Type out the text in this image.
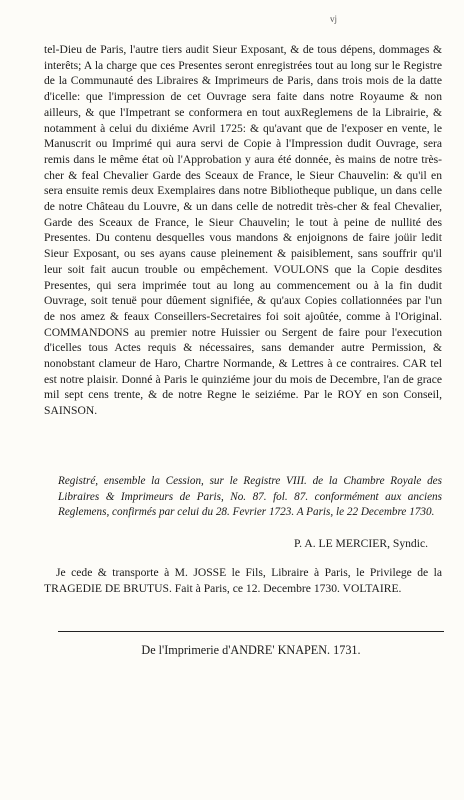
vj

tel-Dieu de Paris, l'autre tiers audit Sieur Exposant, & de tous dépens, dommages & interêts; A la charge que ces Presentes seront enregistrées tout au long sur le Registre de la Communauté des Libraires & Imprimeurs de Paris, dans trois mois de la datte d'icelle: que l'impression de cet Ouvrage sera faite dans notre Royaume & non ailleurs, & que l'Impetrant se conformera en tout auxReglemens de la Librairie, & notamment à celui du dixiéme Avril 1725: & qu'avant que de l'exposer en vente, le Manuscrit ou Imprimé qui aura servi de Copie à l'Impression dudit Ouvrage, sera remis dans le même état où l'Approbation y aura été donnée, ès mains de notre très-cher & feal Chevalier Garde des Sceaux de France, le Sieur Chauvelin: & qu'il en sera ensuite remis deux Exemplaires dans notre Bibliotheque publique, un dans celle de notre Château du Louvre, & un dans celle de notredit très-cher & feal Chevalier, Garde des Sceaux de France, le Sieur Chauvelin; le tout à peine de nullité des Presentes. Du contenu desquelles vous mandons & enjoignons de faire joüir ledit Sieur Exposant, ou ses ayans cause pleinement & paisiblement, sans souffrir qu'il leur soit fait aucun trouble ou empêchement. VOULONS que la Copie desdites Presentes, qui sera imprimée tout au long au commencement ou à la fin dudit Ouvrage, soit tenuë pour dûement signifiée, & qu'aux Copies collationnées par l'un de nos amez & feaux Conseillers-Secretaires foi soit ajoûtée, comme à l'Original. COMMANDONS au premier notre Huissier ou Sergent de faire pour l'execution d'icelles tous Actes requis & nécessaires, sans demander autre Permission, & nonobstant clameur de Haro, Chartre Normande, & Lettres à ce contraires. CAR tel est notre plaisir. Donné à Paris le quinziéme jour du mois de Decembre, l'an de grace mil sept cens trente, & de notre Regne le seiziéme. Par le ROY en son Conseil, SAINSON.

Registré, ensemble la Cession, sur le Registre VIII. de la Chambre Royale des Libraires & Imprimeurs de Paris, No. 87. fol. 87. conformément aux anciens Reglemens, confirmés par celui du 28. Fevrier 1723. A Paris, le 22 Decembre 1730.

P. A. LE MERCIER, Syndic.

Je cede & transporte à M. JOSSE le Fils, Libraire à Paris, le Privilege de la TRAGEDIE DE BRUTUS. Fait à Paris, ce 12. Decembre 1730. VOLTAIRE.

De l'Imprimerie d'ANDRE' KNAPEN. 1731.
